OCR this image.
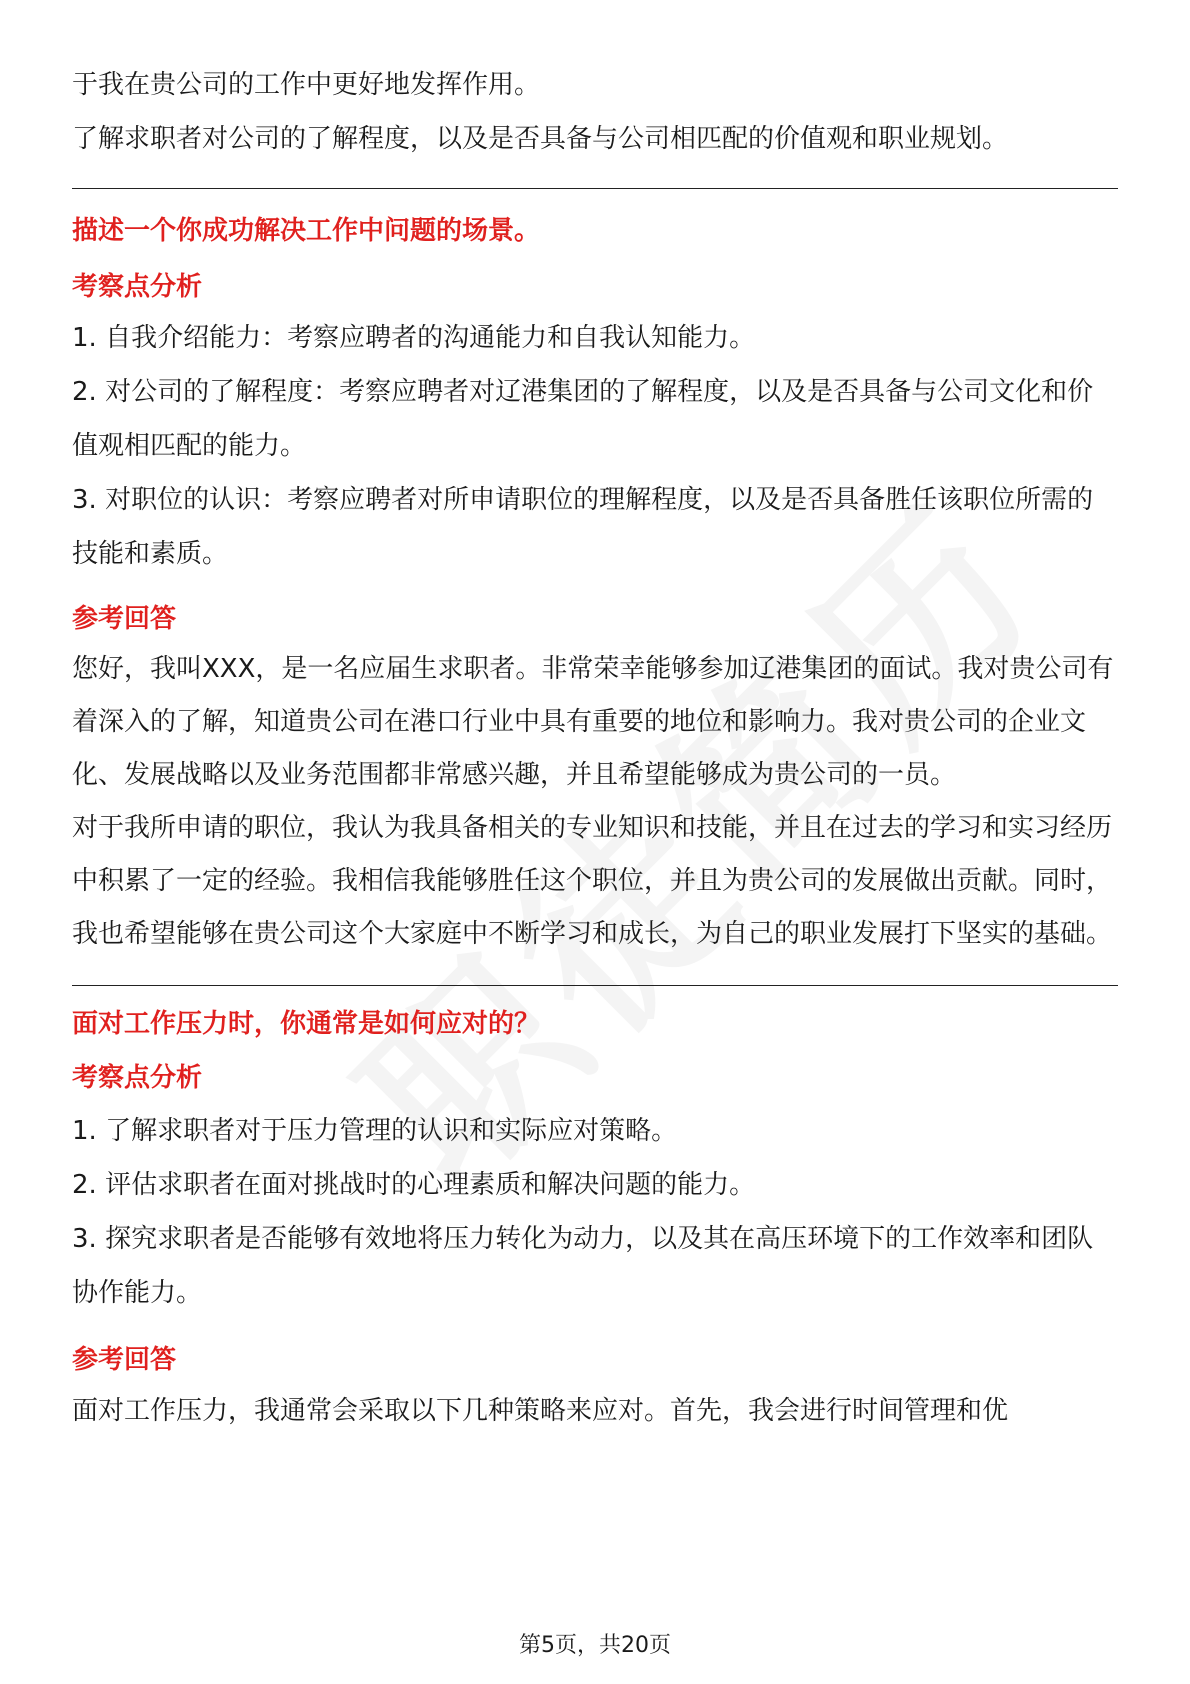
于我在贵公司的工作中更好地发挥作用。

了解求职者对公司的了解程度，以及是否具备与公司相匹配的价值观和职业规划。

描述一个你成功解决工作中问题的场景。

考察点分析

1. 自我介绍能力：考察应聘者的沟通能力和自我认知能力。

2. 对公司的了解程度：考察应聘者对辽港集团的了解程度，以及是否具备与公司文化和价值观相匹配的能力。

3. 对职位的认识：考察应聘者对所申请职位的理解程度，以及是否具备胜任该职位所需的技能和素质。

参考回答

您好，我叫XXX，是一名应届生求职者。非常荣幸能够参加辽港集团的面试。我对贵公司有着深入的了解，知道贵公司在港口行业中具有重要的地位和影响力。我对贵公司的企业文化、发展战略以及业务范围都非常感兴趣，并且希望能够成为贵公司的一员。

对于我所申请的职位，我认为我具备相关的专业知识和技能，并且在过去的学习和实习经历中积累了一定的经验。我相信我能够胜任这个职位，并且为贵公司的发展做出贡献。同时，我也希望能够在贵公司这个大家庭中不断学习和成长，为自己的职业发展打下坚实的基础。

面对工作压力时，你通常是如何应对的？

考察点分析

1. 了解求职者对于压力管理的认识和实际应对策略。

2. 评估求职者在面对挑战时的心理素质和解决问题的能力。

3. 探究求职者是否能够有效地将压力转化为动力，以及其在高压环境下的工作效率和团队协作能力。

参考回答

面对工作压力，我通常会采取以下几种策略来应对。首先，我会进行时间管理和优

第5页，共20页
